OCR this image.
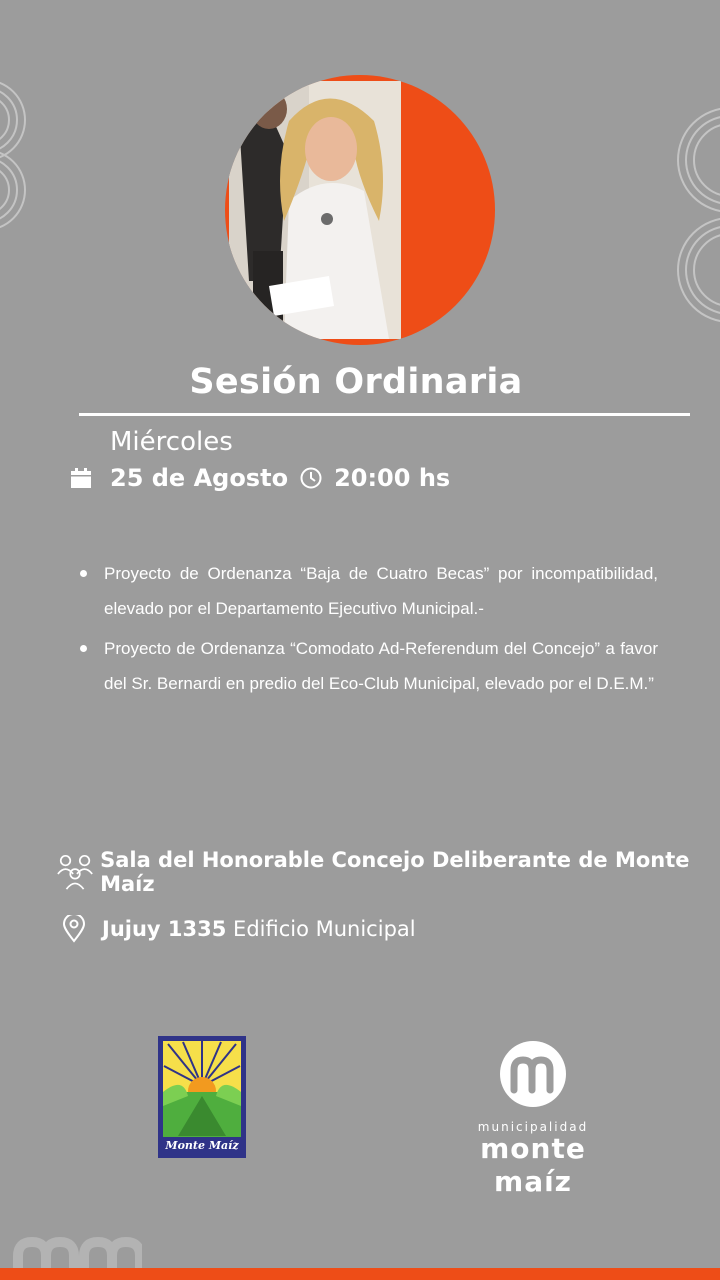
Sesión Ordinaria
Miércoles
25 de Agosto 20:00 hs
Proyecto de Ordenanza “Baja de Cuatro Becas” por incompatibilidad, elevado por el Departamento Ejecutivo Municipal.-
Proyecto de Ordenanza “Comodato Ad-Referendum del Concejo” a favor del Sr. Bernardi en predio del Eco-Club Municipal, elevado por el D.E.M.”
Sala del Honorable Concejo Deliberante de Monte Maíz
Jujuy 1335
Edificio Municipal
Monte Maíz
municipalidad
monte maíz
